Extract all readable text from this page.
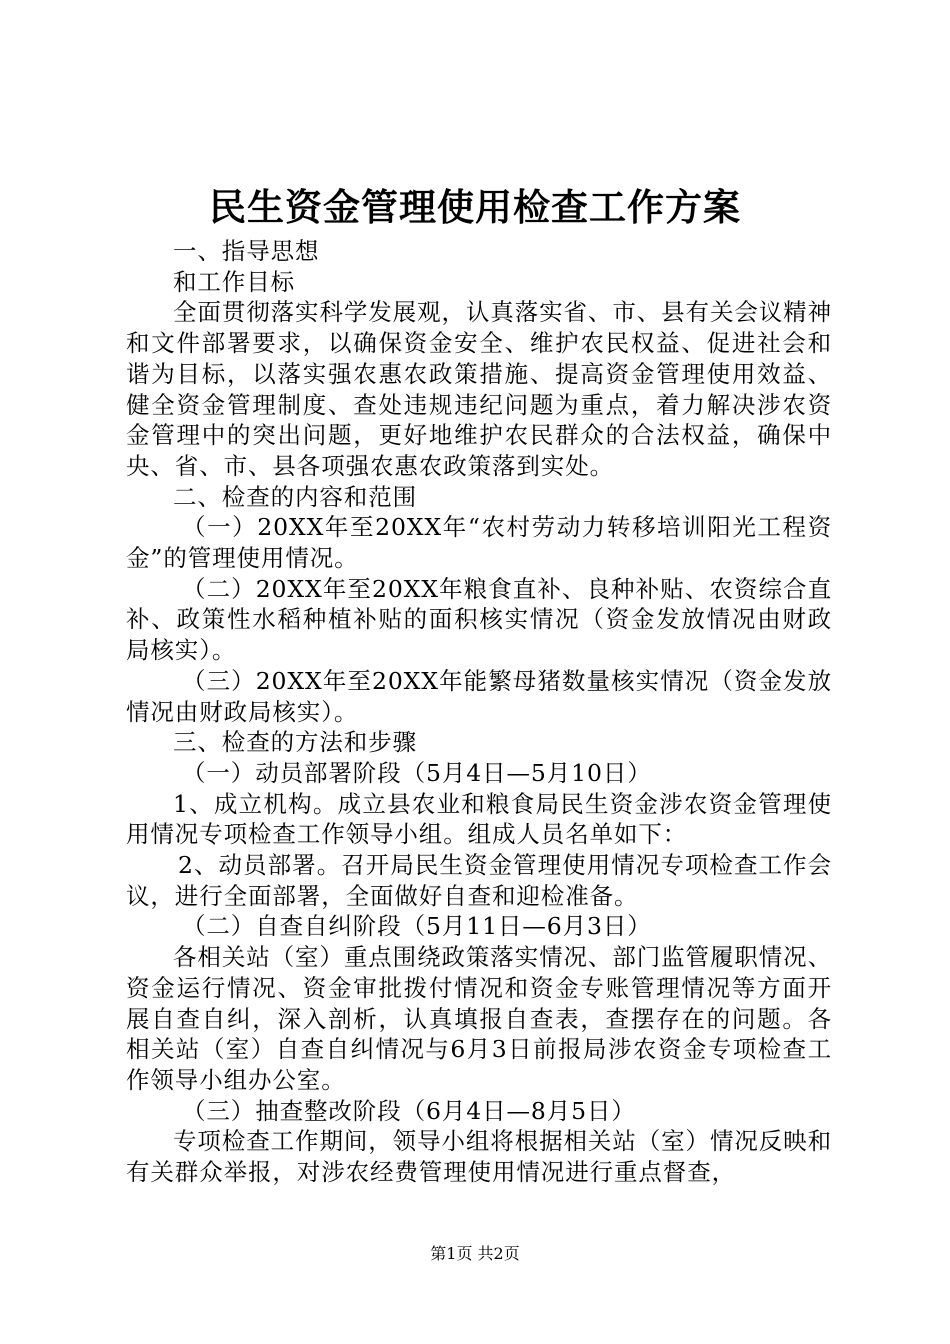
民生资金管理使用检查工作方案

一、指导思想

和工作目标

全面贯彻落实科学发展观，认真落实省、市、县有关会议精神和文件部署要求，以确保资金安全、维护农民权益、促进社会和谐为目标，以落实强农惠农政策措施、提高资金管理使用效益、健全资金管理制度、查处违规违纪问题为重点，着力解决涉农资金管理中的突出问题，更好地维护农民群众的合法权益，确保中央、省、市、县各项强农惠农政策落到实处。

二、检查的内容和范围

（一）20XX年至20XX年“农村劳动力转移培训阳光工程资金”的管理使用情况。

（二）20XX年至20XX年粮食直补、良种补贴、农资综合直补、政策性水稻种植补贴的面积核实情况（资金发放情况由财政局核实）。

（三）20XX年至20XX年能繁母猪数量核实情况（资金发放情况由财政局核实）。

三、检查的方法和步骤

（一）动员部署阶段（5月4日—5月10日）

1、成立机构。成立县农业和粮食局民生资金涉农资金管理使用情况专项检查工作领导小组。组成人员名单如下：

2、动员部署。召开局民生资金管理使用情况专项检查工作会议，进行全面部署，全面做好自查和迎检准备。

（二）自查自纠阶段（5月11日—6月3日）

各相关站（室）重点围绕政策落实情况、部门监管履职情况、资金运行情况、资金审批拨付情况和资金专账管理情况等方面开展自查自纠，深入剖析，认真填报自查表，查摆存在的问题。各相关站（室）自查自纠情况与6月3日前报局涉农资金专项检查工作领导小组办公室。

（三）抽查整改阶段（6月4日—8月5日）

专项检查工作期间，领导小组将根据相关站（室）情况反映和有关群众举报，对涉农经费管理使用情况进行重点督查，

第1页 共2页
